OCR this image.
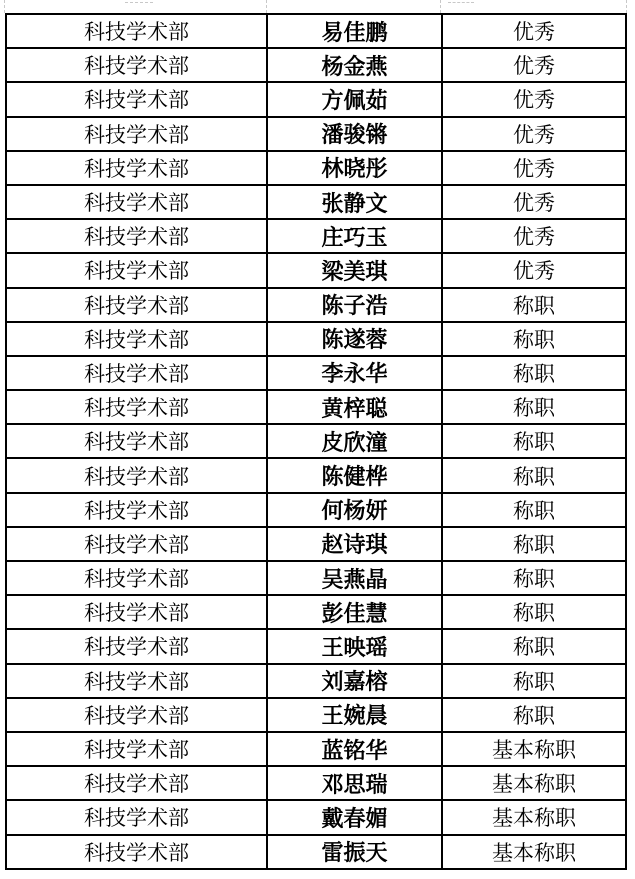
科技学术部	易佳鹏	优秀
科技学术部	杨金燕	优秀
科技学术部	方佩茹	优秀
科技学术部	潘骏锵	优秀
科技学术部	林晓彤	优秀
科技学术部	张静文	优秀
科技学术部	庄巧玉	优秀
科技学术部	梁美琪	优秀
科技学术部	陈子浩	称职
科技学术部	陈遂蓉	称职
科技学术部	李永华	称职
科技学术部	黄梓聪	称职
科技学术部	皮欣潼	称职
科技学术部	陈健桦	称职
科技学术部	何杨妍	称职
科技学术部	赵诗琪	称职
科技学术部	吴燕晶	称职
科技学术部	彭佳慧	称职
科技学术部	王映瑶	称职
科技学术部	刘嘉榕	称职
科技学术部	王婉晨	称职
科技学术部	蓝铭华	基本称职
科技学术部	邓思瑞	基本称职
科技学术部	戴春媚	基本称职
科技学术部	雷振天	基本称职
